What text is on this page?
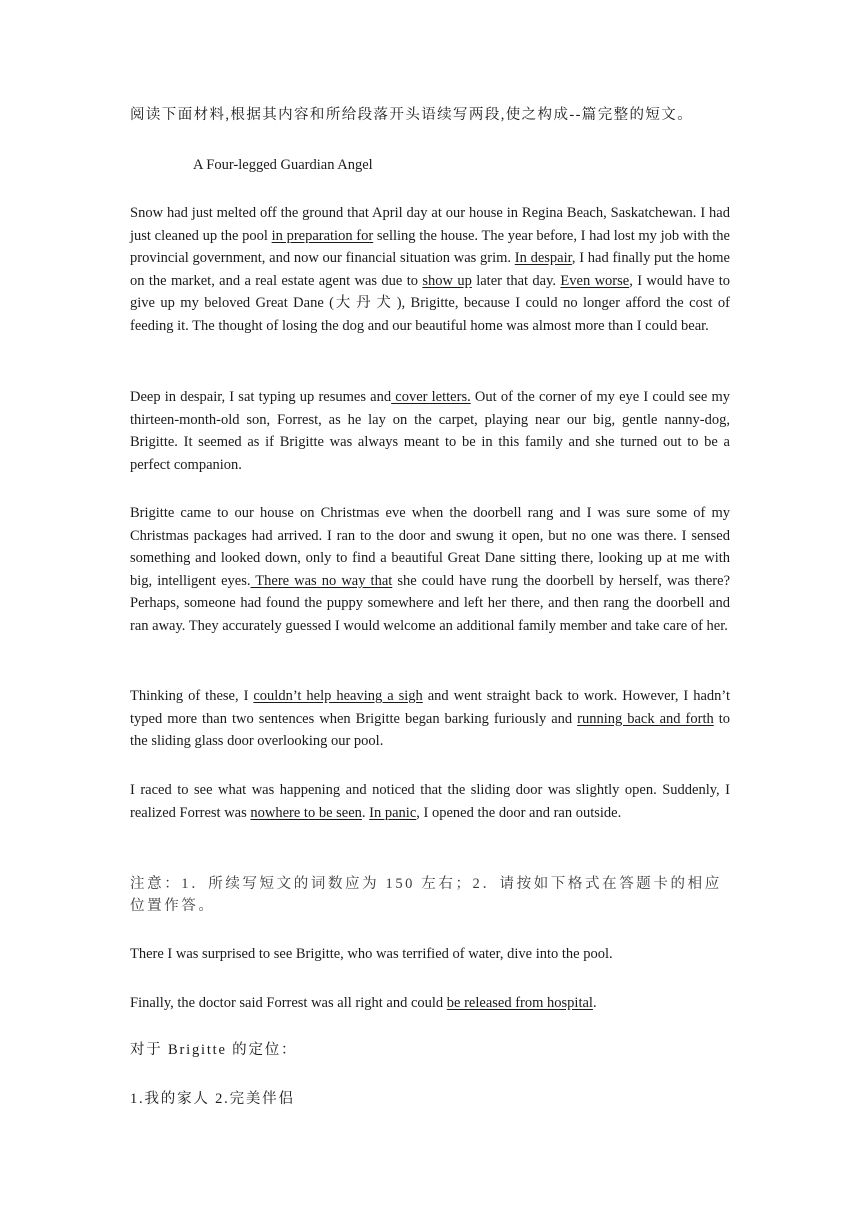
阅读下面材料,根据其内容和所给段落开头语续写两段,使之构成--篇完整的短文。

A Four-legged Guardian Angel

Snow had just melted off the ground that April day at our house in Regina Beach, Saskatchewan. I had just cleaned up the pool in preparation for selling the house. The year before, I had lost my job with the provincial government, and now our financial situation was grim. In despair, I had finally put the home on the market, and a real estate agent was due to show up later that day. Even worse, I would have to give up my beloved Great Dane (大丹犬), Brigitte, because I could no longer afford the cost of feeding it. The thought of losing the dog and our beautiful home was almost more than I could bear.

Deep in despair, I sat typing up resumes and cover letters. Out of the corner of my eye I could see my thirteen-month-old son, Forrest, as he lay on the carpet, playing near our big, gentle nanny-dog, Brigitte. It seemed as if Brigitte was always meant to be in this family and she turned out to be a perfect companion.

Brigitte came to our house on Christmas eve when the doorbell rang and I was sure some of my Christmas packages had arrived. I ran to the door and swung it open, but no one was there. I sensed something and looked down, only to find a beautiful Great Dane sitting there, looking up at me with big, intelligent eyes. There was no way that she could have rung the doorbell by herself, was there? Perhaps, someone had found the puppy somewhere and left her there, and then rang the doorbell and ran away. They accurately guessed I would welcome an additional family member and take care of her.

Thinking of these, I couldn’t help heaving a sigh and went straight back to work. However, I hadn’t typed more than two sentences when Brigitte began barking furiously and running back and forth to the sliding glass door overlooking our pool.

I raced to see what was happening and noticed that the sliding door was slightly open. Suddenly, I realized Forrest was nowhere to be seen. In panic, I opened the door and ran outside.

注意：1．所续写短文的词数应为 150 左右；2．请按如下格式在答题卡的相应位置作答。

There I was surprised to see Brigitte, who was terrified of water, dive into the pool.

Finally, the doctor said Forrest was all right and could be released from hospital.

对于 Brigitte 的定位：

1.我的家人 2.完美伴侣
